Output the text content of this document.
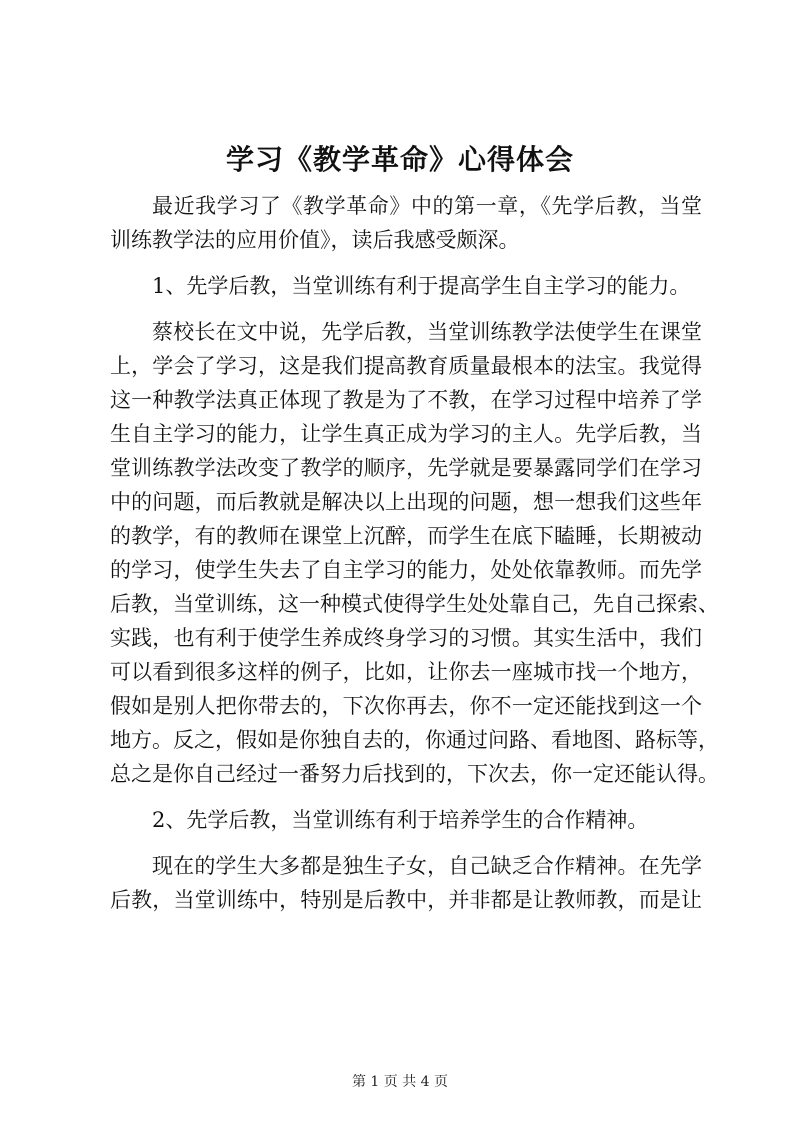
学习《教学革命》心得体会

最近我学习了《教学革命》中的第一章，《先学后教，当堂
训练教学法的应用价值》，读后我感受颇深。

1、先学后教，当堂训练有利于提高学生自主学习的能力。

蔡校长在文中说，先学后教，当堂训练教学法使学生在课堂
上，学会了学习，这是我们提高教育质量最根本的法宝。我觉得
这一种教学法真正体现了教是为了不教，在学习过程中培养了学
生自主学习的能力，让学生真正成为学习的主人。先学后教，当
堂训练教学法改变了教学的顺序，先学就是要暴露同学们在学习
中的问题，而后教就是解决以上出现的问题，想一想我们这些年
的教学，有的教师在课堂上沉醉，而学生在底下瞌睡，长期被动
的学习，使学生失去了自主学习的能力，处处依靠教师。而先学
后教，当堂训练，这一种模式使得学生处处靠自己，先自己探索、
实践，也有利于使学生养成终身学习的习惯。其实生活中，我们
可以看到很多这样的例子，比如，让你去一座城市找一个地方，
假如是别人把你带去的，下次你再去，你不一定还能找到这一个
地方。反之，假如是你独自去的，你通过问路、看地图、路标等，
总之是你自己经过一番努力后找到的，下次去，你一定还能认得。

2、先学后教，当堂训练有利于培养学生的合作精神。

现在的学生大多都是独生子女，自己缺乏合作精神。在先学
后教，当堂训练中，特别是后教中，并非都是让教师教，而是让

第 1 页 共 4 页
